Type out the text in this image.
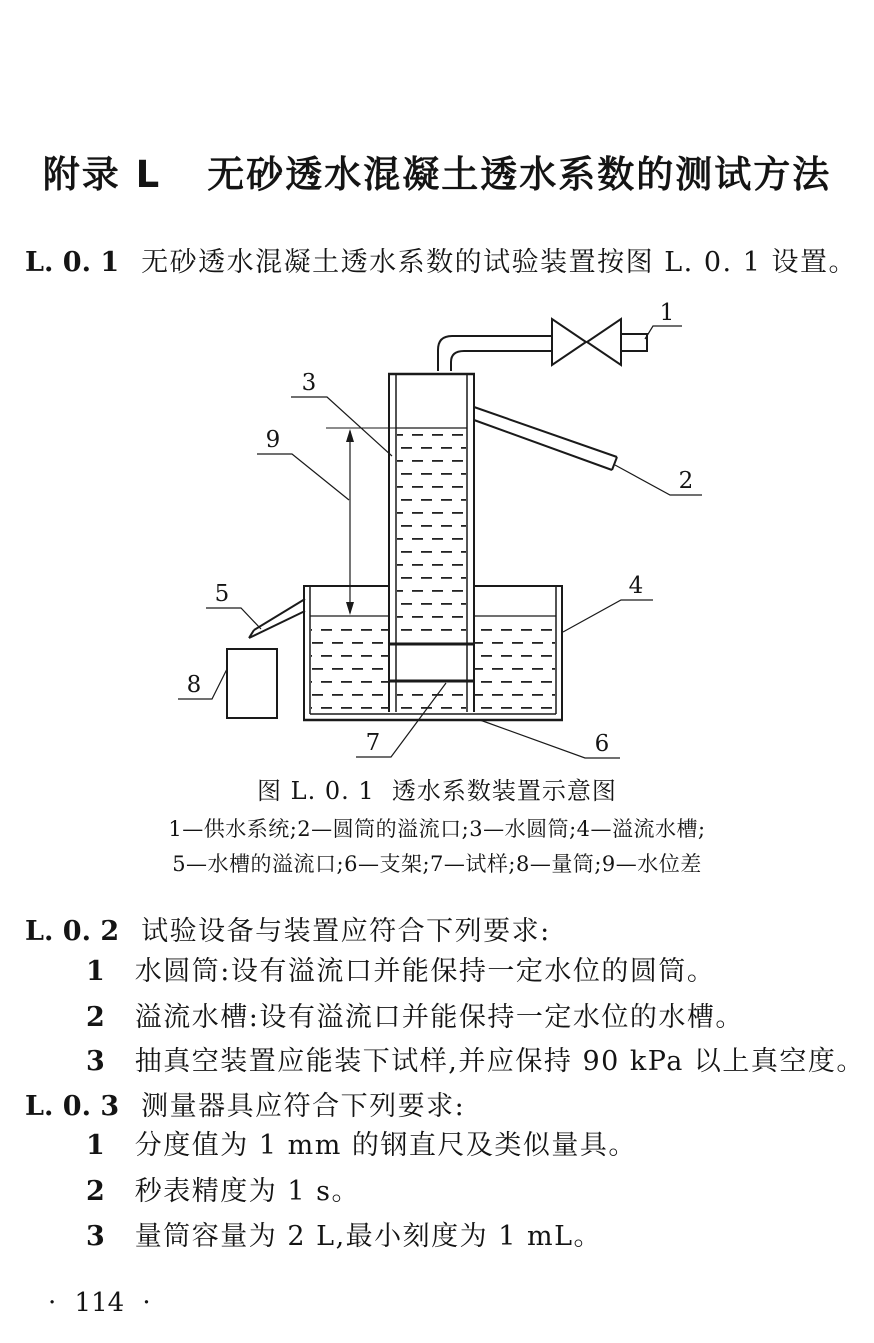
附录 L 无砂透水混凝土透水系数的测试方法
L. 0. 1 无砂透水混凝土透水系数的试验装置按图 L. 0. 1 设置。
1
2
3
4
5
6
7
8
9
图 L. 0. 1  透水系数装置示意图
1—供水系统;2—圆筒的溢流口;3—水圆筒;4—溢流水槽;
5—水槽的溢流口;6—支架;7—试样;8—量筒;9—水位差
L. 0. 2 试验设备与装置应符合下列要求:
1 水圆筒:设有溢流口并能保持一定水位的圆筒。
2 溢流水槽:设有溢流口并能保持一定水位的水槽。
3 抽真空装置应能装下试样,并应保持 90 kPa 以上真空度。
L. 0. 3 测量器具应符合下列要求:
1 分度值为 1 mm 的钢直尺及类似量具。
2 秒表精度为 1 s。
3 量筒容量为 2 L,最小刻度为 1 mL。
· 114 ·
